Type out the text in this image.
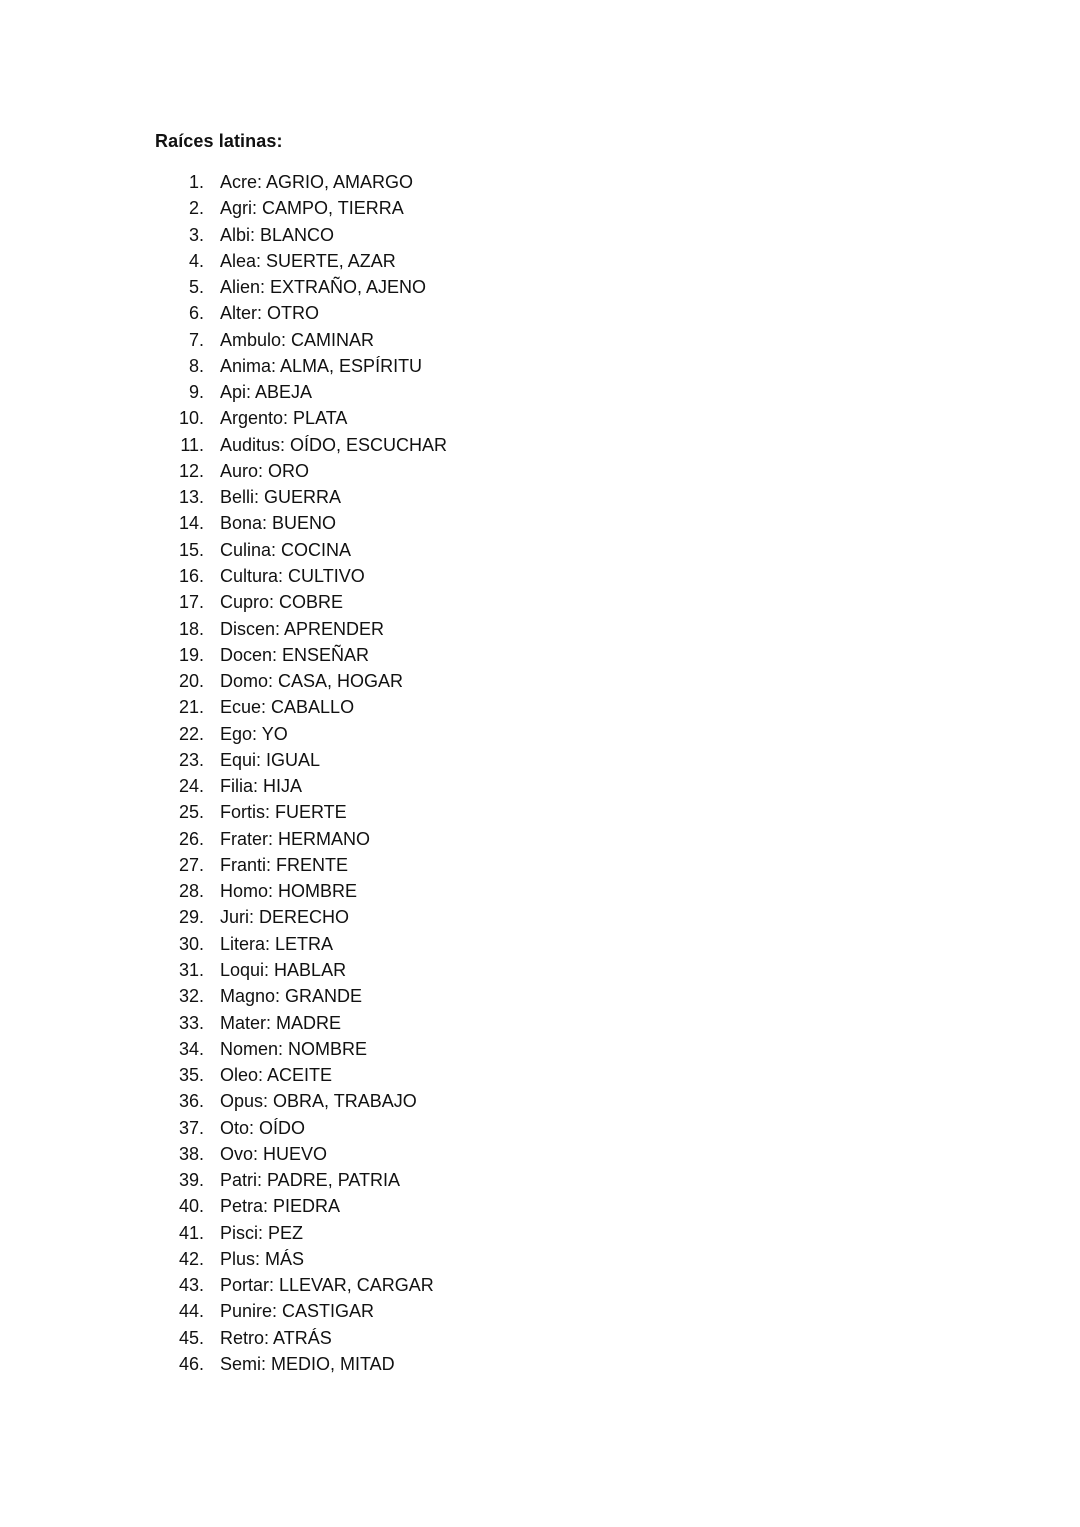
Raíces latinas:
1. Acre: AGRIO, AMARGO
2. Agri: CAMPO, TIERRA
3. Albi: BLANCO
4. Alea: SUERTE, AZAR
5. Alien: EXTRAÑO, AJENO
6. Alter: OTRO
7. Ambulo: CAMINAR
8. Anima: ALMA, ESPÍRITU
9. Api: ABEJA
10. Argento: PLATA
11. Auditus: OÍDO, ESCUCHAR
12. Auro: ORO
13. Belli: GUERRA
14. Bona: BUENO
15. Culina: COCINA
16. Cultura: CULTIVO
17. Cupro: COBRE
18. Discen: APRENDER
19. Docen: ENSEÑAR
20. Domo: CASA, HOGAR
21. Ecue: CABALLO
22. Ego: YO
23. Equi: IGUAL
24. Filia: HIJA
25. Fortis: FUERTE
26. Frater: HERMANO
27. Franti: FRENTE
28. Homo: HOMBRE
29. Juri: DERECHO
30. Litera: LETRA
31. Loqui: HABLAR
32. Magno: GRANDE
33. Mater: MADRE
34. Nomen: NOMBRE
35. Oleo: ACEITE
36. Opus: OBRA, TRABAJO
37. Oto: OÍDO
38. Ovo: HUEVO
39. Patri: PADRE, PATRIA
40. Petra: PIEDRA
41. Pisci: PEZ
42. Plus: MÁS
43. Portar: LLEVAR, CARGAR
44. Punire: CASTIGAR
45. Retro: ATRÁS
46. Semi: MEDIO, MITAD
